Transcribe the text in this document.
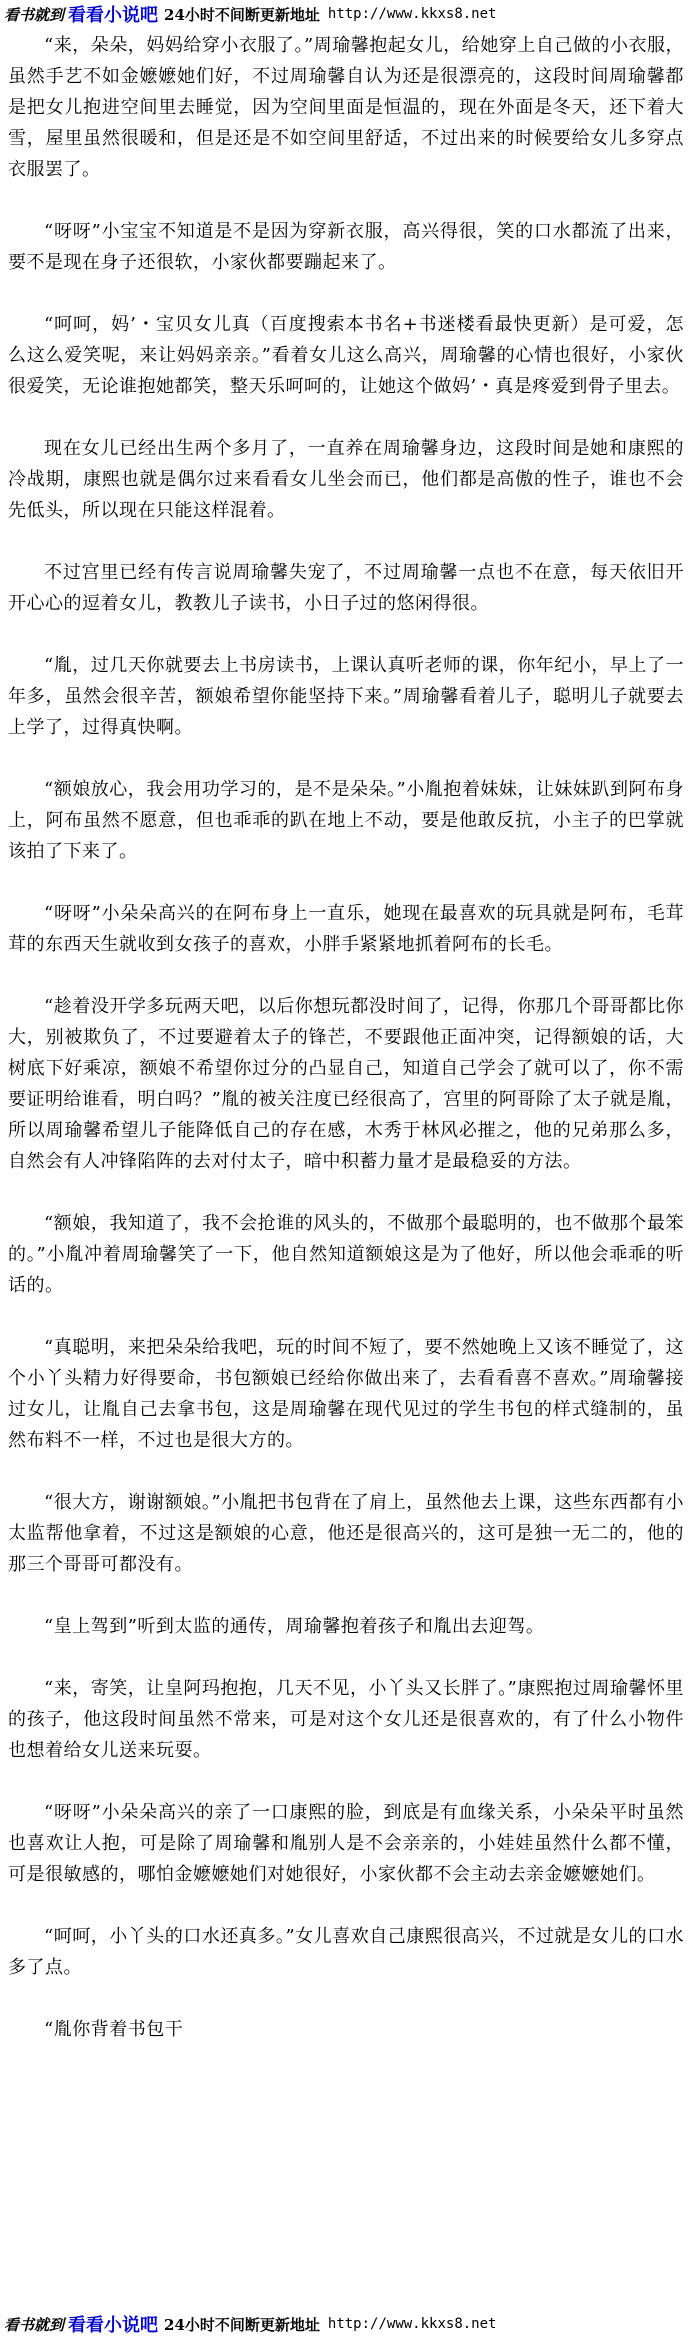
看书就到 看看小说吧 24小时不间断更新地址 http://www.kkxs8.net

“来，朵朵，妈妈给穿小衣服了。”周瑜馨抱起女儿，给她穿上自己做的小衣服，虽然手艺不如金嬷嬷她们好，不过周瑜馨自认为还是很漂亮的，这段时间周瑜馨都是把女儿抱进空间里去睡觉，因为空间里面是恒温的，现在外面是冬天，还下着大雪，屋里虽然很暖和，但是还是不如空间里舒适，不过出来的时候要给女儿多穿点衣服罢了。

“呀呀”小宝宝不知道是不是因为穿新衣服，高兴得很，笑的口水都流了出来，要不是现在身子还很软，小家伙都要蹦起来了。

“呵呵，妈’・宝贝女儿真（百度搜索本书名+书迷楼看最快更新）是可爱，怎么这么爱笑呢，来让妈妈亲亲。”看着女儿这么高兴，周瑜馨的心情也很好，小家伙很爱笑，无论谁抱她都笑，整天乐呵呵的，让她这个做妈’・真是疼爱到骨子里去。

现在女儿已经出生两个多月了，一直养在周瑜馨身边，这段时间是她和康熙的冷战期，康熙也就是偶尔过来看看女儿坐会而已，他们都是高傲的性子，谁也不会先低头，所以现在只能这样混着。

不过宫里已经有传言说周瑜馨失宠了，不过周瑜馨一点也不在意，每天依旧开开心心的逗着女儿，教教儿子读书，小日子过的悠闲得很。

“胤，过几天你就要去上书房读书，上课认真听老师的课，你年纪小，早上了一年多，虽然会很辛苦，额娘希望你能坚持下来。”周瑜馨看着儿子，聪明儿子就要去上学了，过得真快啊。

“额娘放心，我会用功学习的，是不是朵朵。”小胤抱着妹妹，让妹妹趴到阿布身上，阿布虽然不愿意，但也乖乖的趴在地上不动，要是他敢反抗，小主子的巴掌就该拍了下来了。

“呀呀”小朵朵高兴的在阿布身上一直乐，她现在最喜欢的玩具就是阿布，毛茸茸的东西天生就收到女孩子的喜欢，小胖手紧紧地抓着阿布的长毛。

“趁着没开学多玩两天吧，以后你想玩都没时间了，记得，你那几个哥哥都比你大，别被欺负了，不过要避着太子的锋芒，不要跟他正面冲突，记得额娘的话，大树底下好乘凉，额娘不希望你过分的凸显自己，知道自己学会了就可以了，你不需要证明给谁看，明白吗？”胤的被关注度已经很高了，宫里的阿哥除了太子就是胤，所以周瑜馨希望儿子能降低自己的存在感，木秀于林风必摧之，他的兄弟那么多，自然会有人冲锋陷阵的去对付太子，暗中积蓄力量才是最稳妥的方法。

“额娘，我知道了，我不会抢谁的风头的，不做那个最聪明的，也不做那个最笨的。”小胤冲着周瑜馨笑了一下，他自然知道额娘这是为了他好，所以他会乖乖的听话的。

“真聪明，来把朵朵给我吧，玩的时间不短了，要不然她晚上又该不睡觉了，这个小丫头精力好得要命，书包额娘已经给你做出来了，去看看喜不喜欢。”周瑜馨接过女儿，让胤自己去拿书包，这是周瑜馨在现代见过的学生书包的样式缝制的，虽然布料不一样，不过也是很大方的。

“很大方，谢谢额娘。”小胤把书包背在了肩上，虽然他去上课，这些东西都有小太监帮他拿着，不过这是额娘的心意，他还是很高兴的，这可是独一无二的，他的那三个哥哥可都没有。

“皇上驾到”听到太监的通传，周瑜馨抱着孩子和胤出去迎驾。

“来，寄笑，让皇阿玛抱抱，几天不见，小丫头又长胖了。”康熙抱过周瑜馨怀里的孩子，他这段时间虽然不常来，可是对这个女儿还是很喜欢的，有了什么小物件也想着给女儿送来玩耍。

“呀呀”小朵朵高兴的亲了一口康熙的脸，到底是有血缘关系，小朵朵平时虽然也喜欢让人抱，可是除了周瑜馨和胤别人是不会亲亲的，小娃娃虽然什么都不懂，可是很敏感的，哪怕金嬷嬷她们对她很好，小家伙都不会主动去亲金嬷嬷她们。

“呵呵，小丫头的口水还真多。”女儿喜欢自己康熙很高兴，不过就是女儿的口水多了点。

“胤你背着书包干

看书就到 看看小说吧 24小时不间断更新地址 http://www.kkxs8.net
